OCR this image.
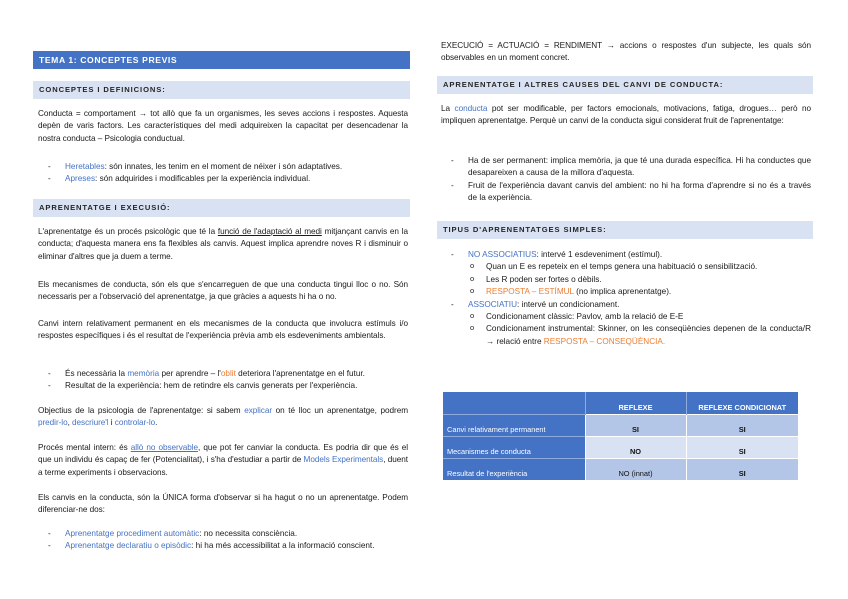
TEMA 1: CONCEPTES PREVIS
CONCEPTES I DEFINICIONS:

Conducta = comportament → tot allò que fa un organismes, les seves accions i respostes. Aquesta depèn de varis factors. Les característiques del medi adquireixen la capacitat per desencadenar la nostra conducta – Psicologia conductual.

- Heretables: són innates, les tenim en el moment de néixer i són adaptatives.
- Apreses: són adquirides i modificables per la experiència individual.
APRENENTATGE I EXECUSIÓ:

L'aprenentatge és un procés psicològic que té la funció de l'adaptació al medi mitjançant canvis en la conducta; d'aquesta manera ens fa flexibles als canvis. Aquest implica aprendre noves R i disminuir o eliminar d'altres que ja duem a terme.

Els mecanismes de conducta, són els que s'encarreguen de que una conducta tingui lloc o no. Són necessaris per a l'observació del aprenentatge, ja que gràcies a aquests hi ha o no.

Canvi intern relativament permanent en els mecanismes de la conducta que involucra estímuls i/o respostes específiques i és el resultat de l'experiència prèvia amb els esdeveniments ambientals.

- És necessària la memòria per aprendre – l'oblit deteriora l'aprenentatge en el futur.
- Resultat de la experiència: hem de retindre els canvis generats per l'experiència.

Objectius de la psicologia de l'aprenentatge: si sabem explicar on té lloc un aprenentatge, podrem predir-lo, descriure'l i controlar-lo.

Procés mental intern: és allò no observable, que pot fer canviar la conducta. Es podria dir que és el que un individu és capaç de fer (Potencialitat), i s'ha d'estudiar a partir de Models Experimentals, duent a terme experiments i observacions.

Els canvis en la conducta, són la ÚNICA forma d'observar si ha hagut o no un aprenentatge. Podem diferenciar-ne dos:

- Aprenentatge procediment automàtic: no necessita consciència.
- Aprenentatge declaratiu o episòdic: hi ha més accessibilitat a la informació conscient.

EXECUCIÓ = ACTUACIÓ = RENDIMENT → accions o respostes d'un subjecte, les quals són observables en un moment concret.

APRENENTATGE I ALTRES CAUSES DEL CANVI DE CONDUCTA:

La conducta pot ser modificable, per factors emocionals, motivacions, fatiga, drogues… però no impliquen aprenentatge. Perquè un canvi de la conducta sigui considerat fruit de l'aprenentatge:

- Ha de ser permanent: implica memòria, ja que té una durada específica. Hi ha conductes que desapareixen a causa de la millora d'aquesta.
- Fruit de l'experiència davant canvis del ambient: no hi ha forma d'aprendre si no és a través de la experiència.
TIPUS D'APRENENTATGES SIMPLES:
- NO ASSOCIATIUS: intervé 1 esdeveniment (estímul).
o Quan un E es repeteix en el temps genera una habituació o sensibilització.
o Les R poden ser fortes o dèbils.
o RESPOSTA – ESTÍMUL (no implica aprenentatge).
- ASSOCIATIU: intervé un condicionament.
o Condicionament clàssic: Pavlov, amb la relació de E-E
o Condicionament instrumental: Skinner, on les conseqüències depenen de la conducta/R → relació entre RESPOSTA – CONSEQÜÈNCIA.
	REFLEXE	REFLEXE CONDICIONAT
Canvi relativament permanent	SI	SI
Mecanismes de conducta	NO	SI
Resultat de l'experiència	NO (innat)	SI
